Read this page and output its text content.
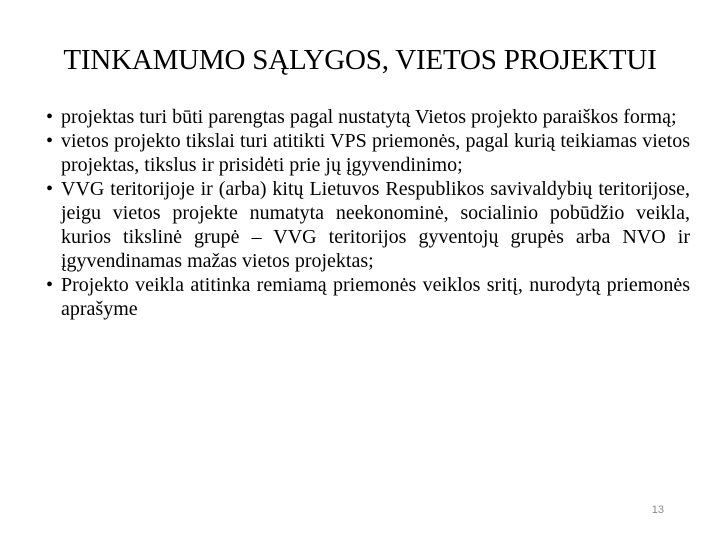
TINKAMUMO SĄLYGOS, VIETOS PROJEKTUI
• projektas turi būti parengtas pagal nustatytą Vietos projekto paraiškos formą;
• vietos projekto tikslai turi atitikti VPS priemonės, pagal kurią teikiamas vietos projektas, tikslus ir prisidėti prie jų įgyvendinimo;
• VVG teritorijoje ir (arba) kitų Lietuvos Respublikos savivaldybių teritorijose, jeigu vietos projekte numatyta neekonominė, socialinio pobūdžio veikla, kurios tikslinė grupė – VVG teritorijos gyventojų grupės arba NVO ir įgyvendinamas mažas vietos projektas;
• Projekto veikla atitinka remiamą priemonės veiklos sritį, nurodytą priemonės aprašyme
13
